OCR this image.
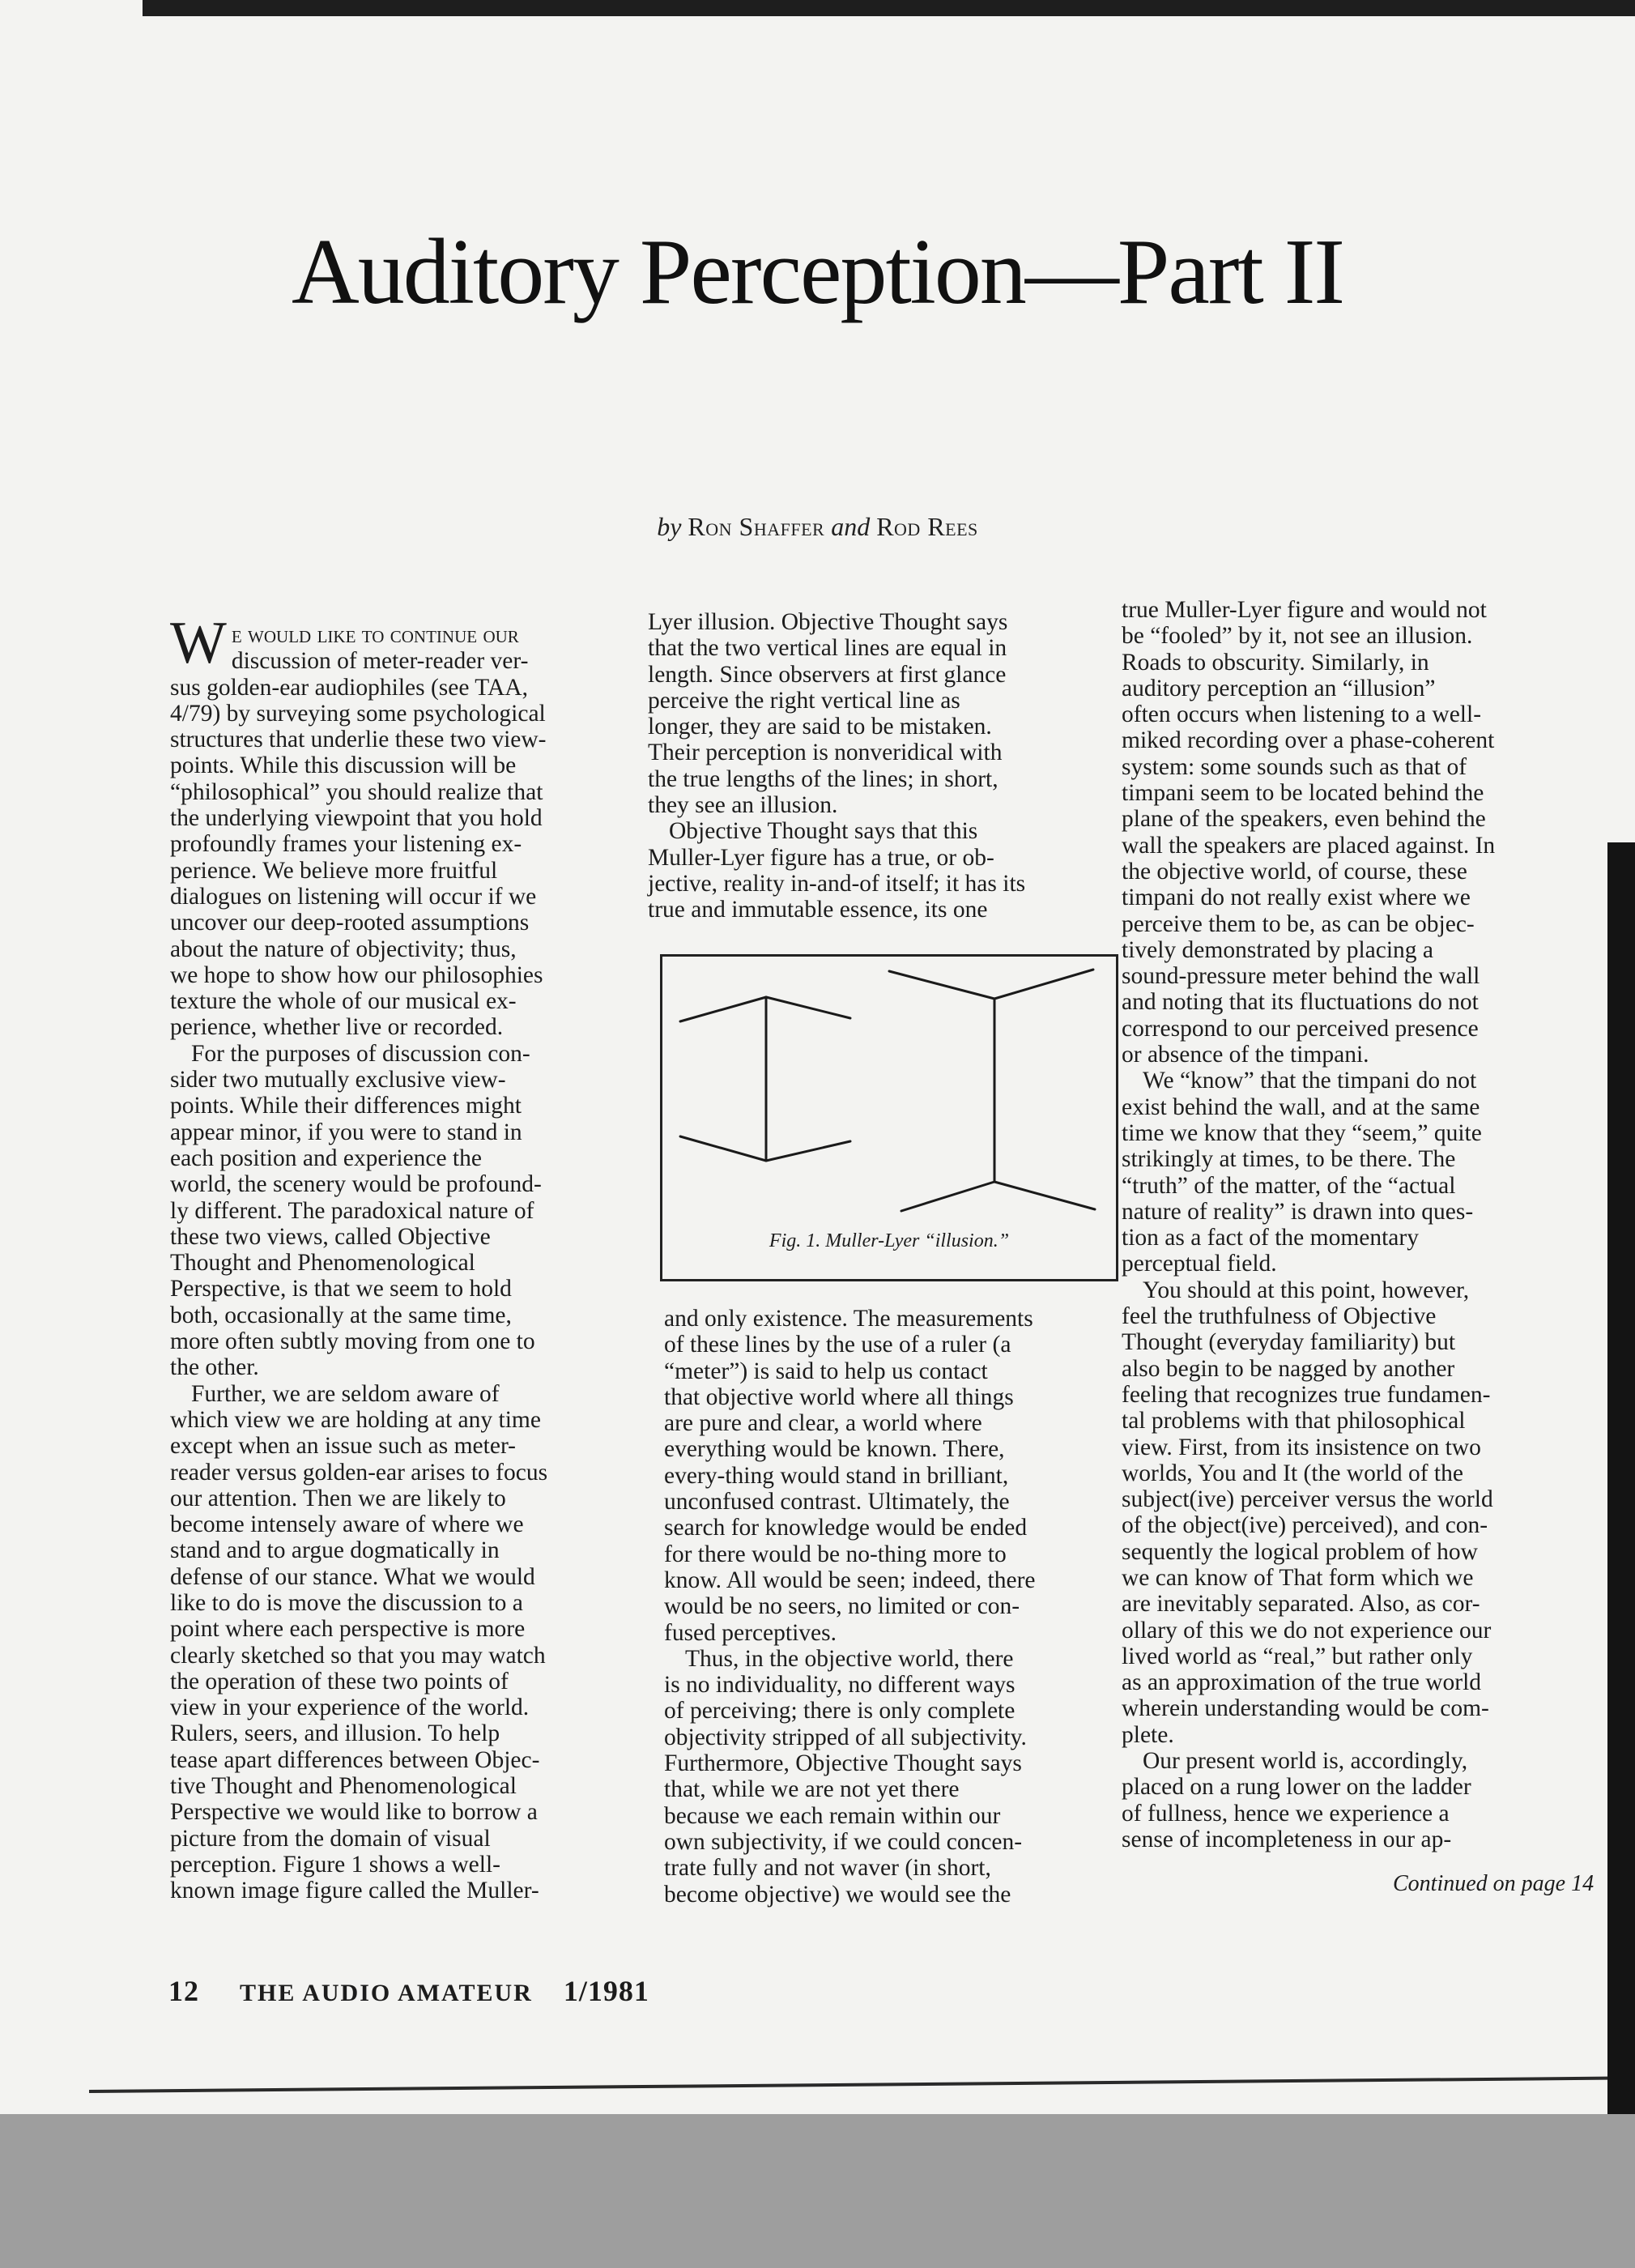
Auditory Perception—Part II
by Ron Shaffer and Rod Rees
W e would like to continue our
discussion of meter-reader ver-
sus golden-ear audiophiles (see TAA,
4/79) by surveying some psychological
structures that underlie these two view-
points. While this discussion will be
“philosophical” you should realize that
the underlying viewpoint that you hold
profoundly frames your listening ex-
perience. We believe more fruitful
dialogues on listening will occur if we
uncover our deep-rooted assumptions
about the nature of objectivity; thus,
we hope to show how our philosophies
texture the whole of our musical ex-
perience, whether live or recorded.
For the purposes of discussion con-
sider two mutually exclusive view-
points. While their differences might
appear minor, if you were to stand in
each position and experience the
world, the scenery would be profound-
ly different. The paradoxical nature of
these two views, called Objective
Thought and Phenomenological
Perspective, is that we seem to hold
both, occasionally at the same time,
more often subtly moving from one to
the other.
Further, we are seldom aware of
which view we are holding at any time
except when an issue such as meter-
reader versus golden-ear arises to focus
our attention. Then we are likely to
become intensely aware of where we
stand and to argue dogmatically in
defense of our stance. What we would
like to do is move the discussion to a
point where each perspective is more
clearly sketched so that you may watch
the operation of these two points of
view in your experience of the world.
Rulers, seers, and illusion. To help
tease apart differences between Objec-
tive Thought and Phenomenological
Perspective we would like to borrow a
picture from the domain of visual
perception. Figure 1 shows a well-
known image figure called the Muller-
Lyer illusion. Objective Thought says
that the two vertical lines are equal in
length. Since observers at first glance
perceive the right vertical line as
longer, they are said to be mistaken.
Their perception is nonveridical with
the true lengths of the lines; in short,
they see an illusion.
Objective Thought says that this
Muller-Lyer figure has a true, or ob-
jective, reality in-and-of itself; it has its
true and immutable essence, its one
Fig. 1. Muller-Lyer “illusion.”
and only existence. The measurements
of these lines by the use of a ruler (a
“meter”) is said to help us contact
that objective world where all things
are pure and clear, a world where
everything would be known. There,
every-thing would stand in brilliant,
unconfused contrast. Ultimately, the
search for knowledge would be ended
for there would be no-thing more to
know. All would be seen; indeed, there
would be no seers, no limited or con-
fused perceptives.
Thus, in the objective world, there
is no individuality, no different ways
of perceiving; there is only complete
objectivity stripped of all subjectivity.
Furthermore, Objective Thought says
that, while we are not yet there
because we each remain within our
own subjectivity, if we could concen-
trate fully and not waver (in short,
become objective) we would see the
true Muller-Lyer figure and would not
be “fooled” by it, not see an illusion.
Roads to obscurity. Similarly, in
auditory perception an “illusion”
often occurs when listening to a well-
miked recording over a phase-coherent
system: some sounds such as that of
timpani seem to be located behind the
plane of the speakers, even behind the
wall the speakers are placed against. In
the objective world, of course, these
timpani do not really exist where we
perceive them to be, as can be objec-
tively demonstrated by placing a
sound-pressure meter behind the wall
and noting that its fluctuations do not
correspond to our perceived presence
or absence of the timpani.
We “know” that the timpani do not
exist behind the wall, and at the same
time we know that they “seem,” quite
strikingly at times, to be there. The
“truth” of the matter, of the “actual
nature of reality” is drawn into ques-
tion as a fact of the momentary
perceptual field.
You should at this point, however,
feel the truthfulness of Objective
Thought (everyday familiarity) but
also begin to be nagged by another
feeling that recognizes true fundamen-
tal problems with that philosophical
view. First, from its insistence on two
worlds, You and It (the world of the
subject(ive) perceiver versus the world
of the object(ive) perceived), and con-
sequently the logical problem of how
we can know of That form which we
are inevitably separated. Also, as cor-
ollary of this we do not experience our
lived world as “real,” but rather only
as an approximation of the true world
wherein understanding would be com-
plete.
Our present world is, accordingly,
placed on a rung lower on the ladder
of fullness, hence we experience a
sense of incompleteness in our ap-
Continued on page 14
12 THE AUDIO AMATEUR 1/1981
